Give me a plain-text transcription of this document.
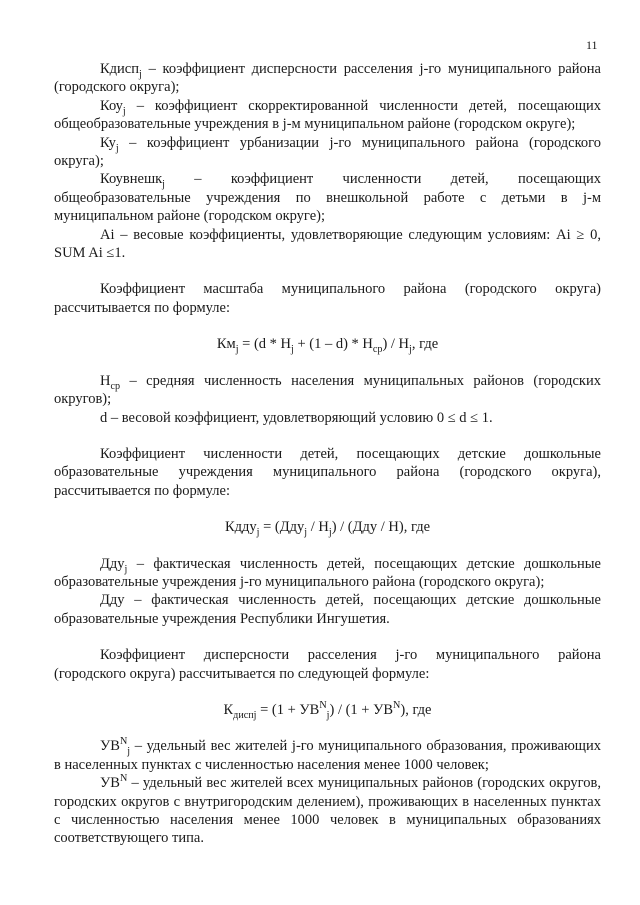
11

Кдисп$_j$ – коэффициент дисперсности расселения j-го муниципального района (городского округа);

Коу$_j$ – коэффициент скорректированной численности детей, посещающих общеобразовательные учреждения в j-м муниципальном районе (городском округе);

$Ку_j$ – коэффициент урбанизации j-го муниципального района (городского округа);

Коувнешк$_j$ – коэффициент численности детей, посещающих общеобразовательные учреждения по внешкольной работе с детьми в j-м муниципальном районе (городском округе);

Ai – весовые коэффициенты, удовлетворяющие следующим условиям: Ai ≥ 0, SUM Ai ≤1.

Коэффициент масштаба муниципального района (городского округа) рассчитывается по формуле:

$Км_j = (d * Н_j + (1 - d) * Н_{ср}) / Н_j$, где

$Н_{ср}$ – средняя численность населения муниципальных районов (городских округов);

d – весовой коэффициент, удовлетворяющий условию 0 ≤ d ≤ 1.

Коэффициент численности детей, посещающих детские дошкольные образовательные учреждения муниципального района (городского округа), рассчитывается по формуле:

Кддy$_j$ = $(Дду_j / Н_j) / (Дду / Н)$, где

Дду$_j$ – фактическая численность детей, посещающих детские дошкольные образовательные учреждения j-го муниципального района (городского округа);

Дду – фактическая численность детей, посещающих детские дошкольные образовательные учреждения Республики Ингушетия.

Коэффициент дисперсности расселения j-го муниципального района (городского округа) рассчитывается по следующей формуле:

$К_{диспj} = (1 + УВ^N_j) / (1 + УВ^N)$, где

$УВ^N_j$ – удельный вес жителей j-го муниципального образования, проживающих в населенных пунктах с численностью населения менее 1000 человек;

$УВ^N$ – удельный вес жителей всех муниципальных районов (городских округов, городских округов с внутригородским делением), проживающих в населенных пунктах с численностью населения менее 1000 человек в муниципальных образованиях соответствующего типа.
